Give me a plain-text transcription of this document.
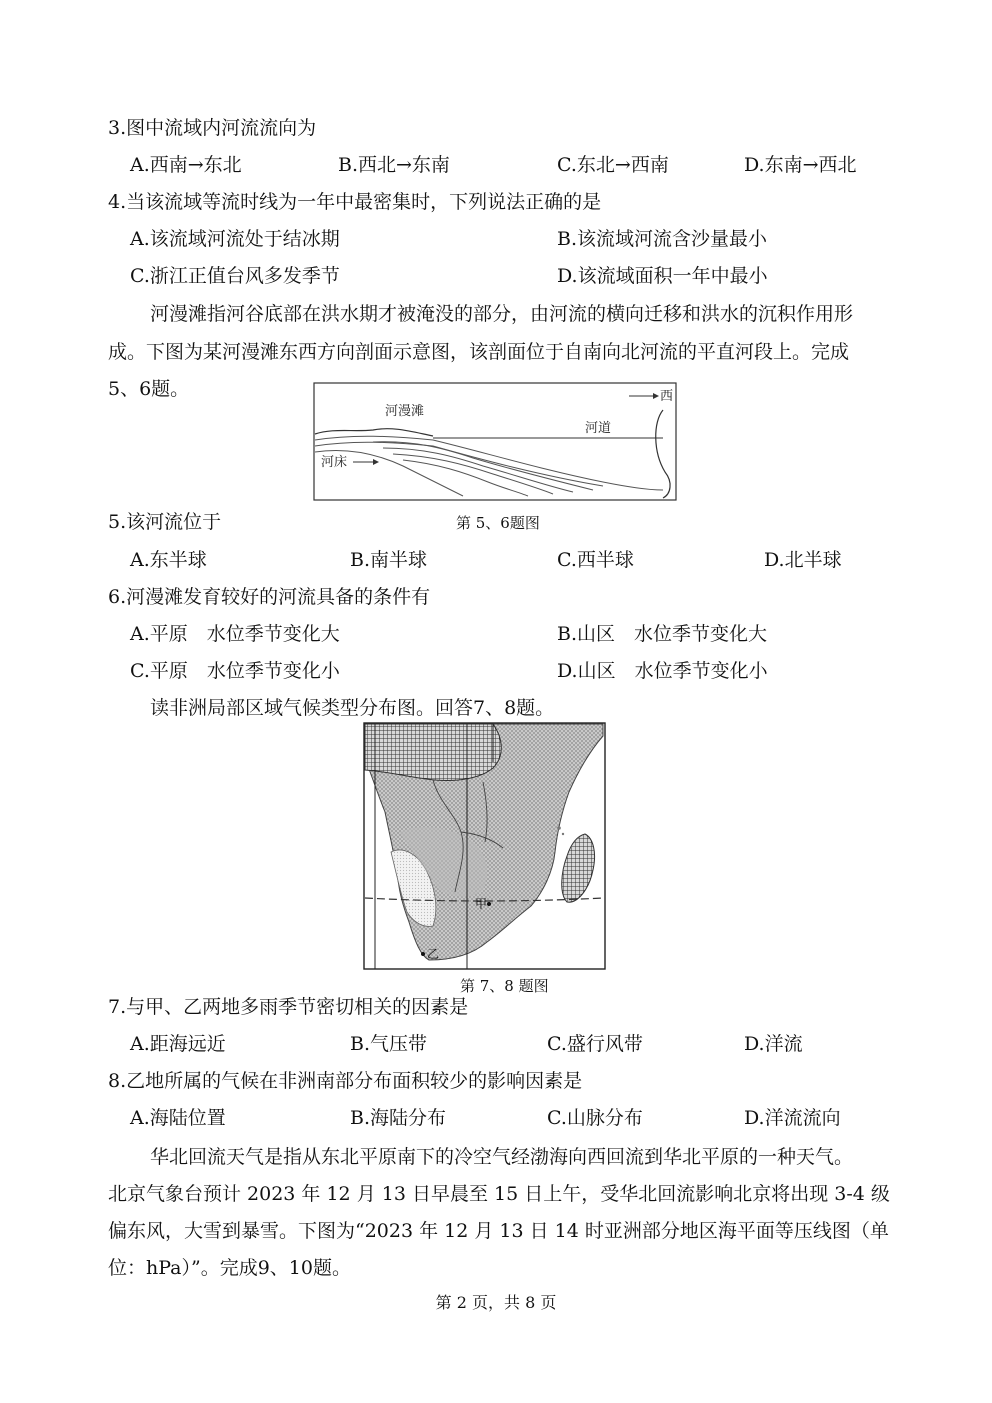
3.图中流域内河流流向为
A.西南→东北	B.西北→东南	C.东北→西南	D.东南→西北
4.当该流域等流时线为一年中最密集时，下列说法正确的是
A.该流域河流处于结冰期	B.该流域河流含沙量最小
C.浙江正值台风多发季节	D.该流域面积一年中最小
河漫滩指河谷底部在洪水期才被淹没的部分，由河流的横向迁移和洪水的沉积作用形
成。下图为某河漫滩东西方向剖面示意图，该剖面位于自南向北河流的平直河段上。完成
5、6题。
河漫滩
河道
河床
西
5.该河流位于	第 5、6题图
A.东半球	B.南半球	C.西半球	D.北半球
6.河漫滩发育较好的河流具备的条件有
A.平原　水位季节变化大	B.山区　水位季节变化大
C.平原　水位季节变化小	D.山区　水位季节变化小
读非洲局部区域气候类型分布图。回答7、8题。
甲
乙
第 7、8 题图
7.与甲、乙两地多雨季节密切相关的因素是
A.距海远近	B.气压带	C.盛行风带	D.洋流
8.乙地所属的气候在非洲南部分布面积较少的影响因素是
A.海陆位置	B.海陆分布	C.山脉分布	D.洋流流向
华北回流天气是指从东北平原南下的冷空气经渤海向西回流到华北平原的一种天气。
北京气象台预计 2023 年 12 月 13 日早晨至 15 日上午，受华北回流影响北京将出现 3-4 级
偏东风，大雪到暴雪。下图为“2023 年 12 月 13 日 14 时亚洲部分地区海平面等压线图（单
位：hPa）”。完成9、10题。
第 2 页，共 8 页
